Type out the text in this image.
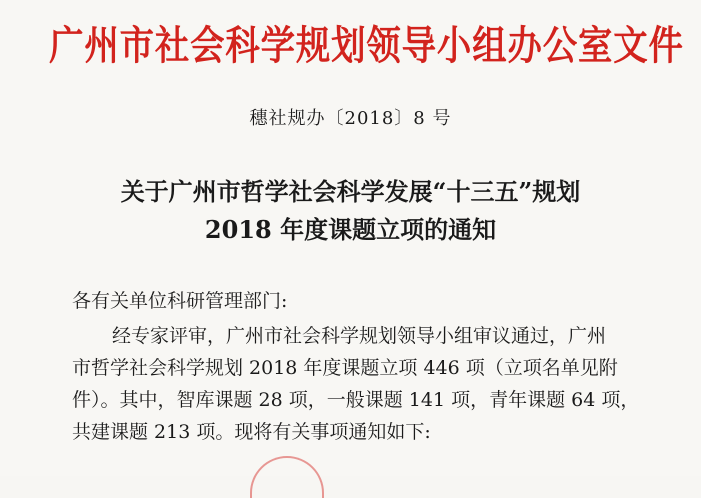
广州市社会科学规划领导小组办公室文件
穗社规办〔2018〕8 号
关于广州市哲学社会科学发展“十三五”规划
2018 年度课题立项的通知
各有关单位科研管理部门:
经专家评审，广州市社会科学规划领导小组审议通过，广州
市哲学社会科学规划 2018 年度课题立项 446 项（立项名单见附
件）。其中，智库课题 28 项，一般课题 141 项，青年课题 64 项，
共建课题 213 项。现将有关事项通知如下:
